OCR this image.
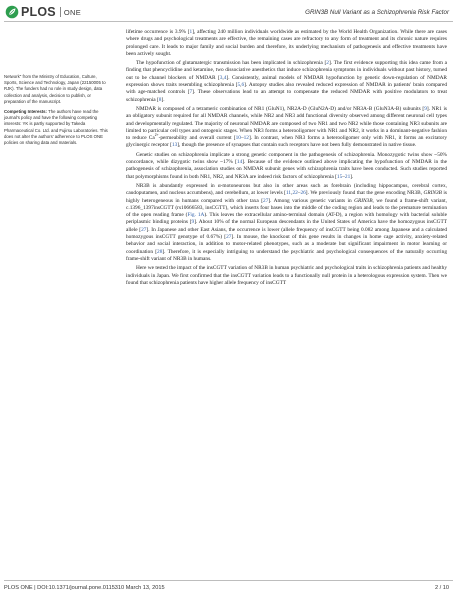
PLOS ONE	GRIN3B Null Variant as a Schizophrenia Risk Factor
Network" from the Ministry of Education, Culture, Sports, Science and Technology, Japan (22150005 to RJK). The funders had no role in study design, data collection and analysis, decision to publish, or preparation of the manuscript.
Competing Interests: The authors have read the journal's policy and have the following competing interests: YK is partly supported by Takeda Pharmaceutical Co. Ltd. and Fujirsu Laboratories. This does not alter the authors' adherence to PLOS ONE policies on sharing data and materials.

lifetime occurrence is 3.9% [1], affecting 240 million individuals worldwide as estimated by the World Health Organization. While there are cases where drugs and psychological treatments are effective, the remaining cases are refractory to any form of treatment and its chronic nature requires prolonged care. It leads to major family and social burden and therefore, its underlying mechanism of pathogenesis and effective treatments have been actively sought.

The hypofunction of glutamatergic transmission has been implicated in schizophrenia [2]. The first evidence supporting this idea came from a finding that phencyclidine and ketamine, two dissociative anesthetics that induce schizophrenia symptoms in individuals without past history, turned out to be channel blockers of NMDAR [3,4]. Consistently, animal models of NMDAR hypofunction by genetic down-regulation of NMDAR expression shows traits resembling schizophrenia [5,6]. Autopsy studies also revealed reduced expression of NMDAR in patients' brain compared with age-matched controls [7]. These observations lead to an attempt to compensate the reduced NMDAR with positive modulators to treat schizophrenia [8].

NMDAR is composed of a tetrameric combination of NR1 (GluN1), NR2A-D (GluN2A-D) and/or NR3A-B (GluN3A-B) subunits [9]. NR1 is an obligatory subunit required for all NMDAR channels, while NR2 and NR3 add functional diversity observed among different neuronal cell types and developmentally regulated. The majority of neuronal NMDAR are composed of two NR1 and two NR2 while those containing NR3 subunits are limited to particular cell types and ontogenic stages. When NR3 forms a heterooligomer with NR1 and NR2, it works in a dominant-negative fashion to reduce $Ca^{2+}$-permeability and overall current [10–12]. In contrast, when NR3 forms a heterooligomer only with NR1, it forms an excitatory glycinergic receptor [13], though the presence of synapses that contain such receptors have not been fully demonstrated in native tissue.

Genetic studies on schizophrenia implicate a strong genetic component in the pathogenesis of schizophrenia. Monozygotic twins show ~50% concordance, while dizygotic twins show ~17% [14]. Because of the evidence outlined above implicating the hypofunction of NMDAR in the pathogenesis of schizophrenia, association studies on NMDAR subunit genes with schizophrenia traits have been conducted. Such studies reported that polymorphisms found in both NR1, NR2, and NR3A are indeed risk factors of schizophrenia [15–21].

NR3B is abundantly expressed in α-motoneurons but also in other areas such as forebrain (including hippocampus, cerebral cortex, caudoputamen, and nucleus accumbens), and cerebellum, at lower levels [11,22–26]. We previously found that the gene encoding NR3B, GRIN3B is highly heterogeneous in humans compared with other taxa [27]. Among various genetic variants in GRIN3B, we found a frame-shift variant, c.1396_1397insCGTT (rs10666583, insCGTT), which inserts four bases into the middle of the coding region and leads to the premature termination of the open reading frame (Fig. 1A). This leaves the extracellular amino-terminal domain (AT-D), a region with homology with bacterial soluble periplasmic binding proteins [9]. About 10% of the normal European descendants in the United States of America have the homozygous insCGTT allele [27]. In Japanese and other East Asians, the occurrence is lower (allele frequency of insCGTT being 0.082 among Japanese and a calculated homozygous insCGTT genotype of 0.67%) [27]. In mouse, the knockout of this gene results in changes in home cage activity, anxiety-related behavior and social interaction, in addition to motor-related phenotypes, such as a moderate but significant impairment in motor learning or coordination [28]. Therefore, it is especially intriguing to understand the psychiatric and psychological consequences of the naturally occurring frame-shift variant of NR3B in humans.

Here we tested the impact of the insCGTT variation of NR3B in human psychiatric and psychological traits in schizophrenia patients and healthy individuals in Japan. We first confirmed that the insCGTT variation leads to a functionally null protein in a heterologous expression system. Then we found that schizophrenia patients have higher allele frequency of insCGTT

PLOS ONE | DOI:10.1371/journal.pone.0115310 March 13, 2015	2 / 10
